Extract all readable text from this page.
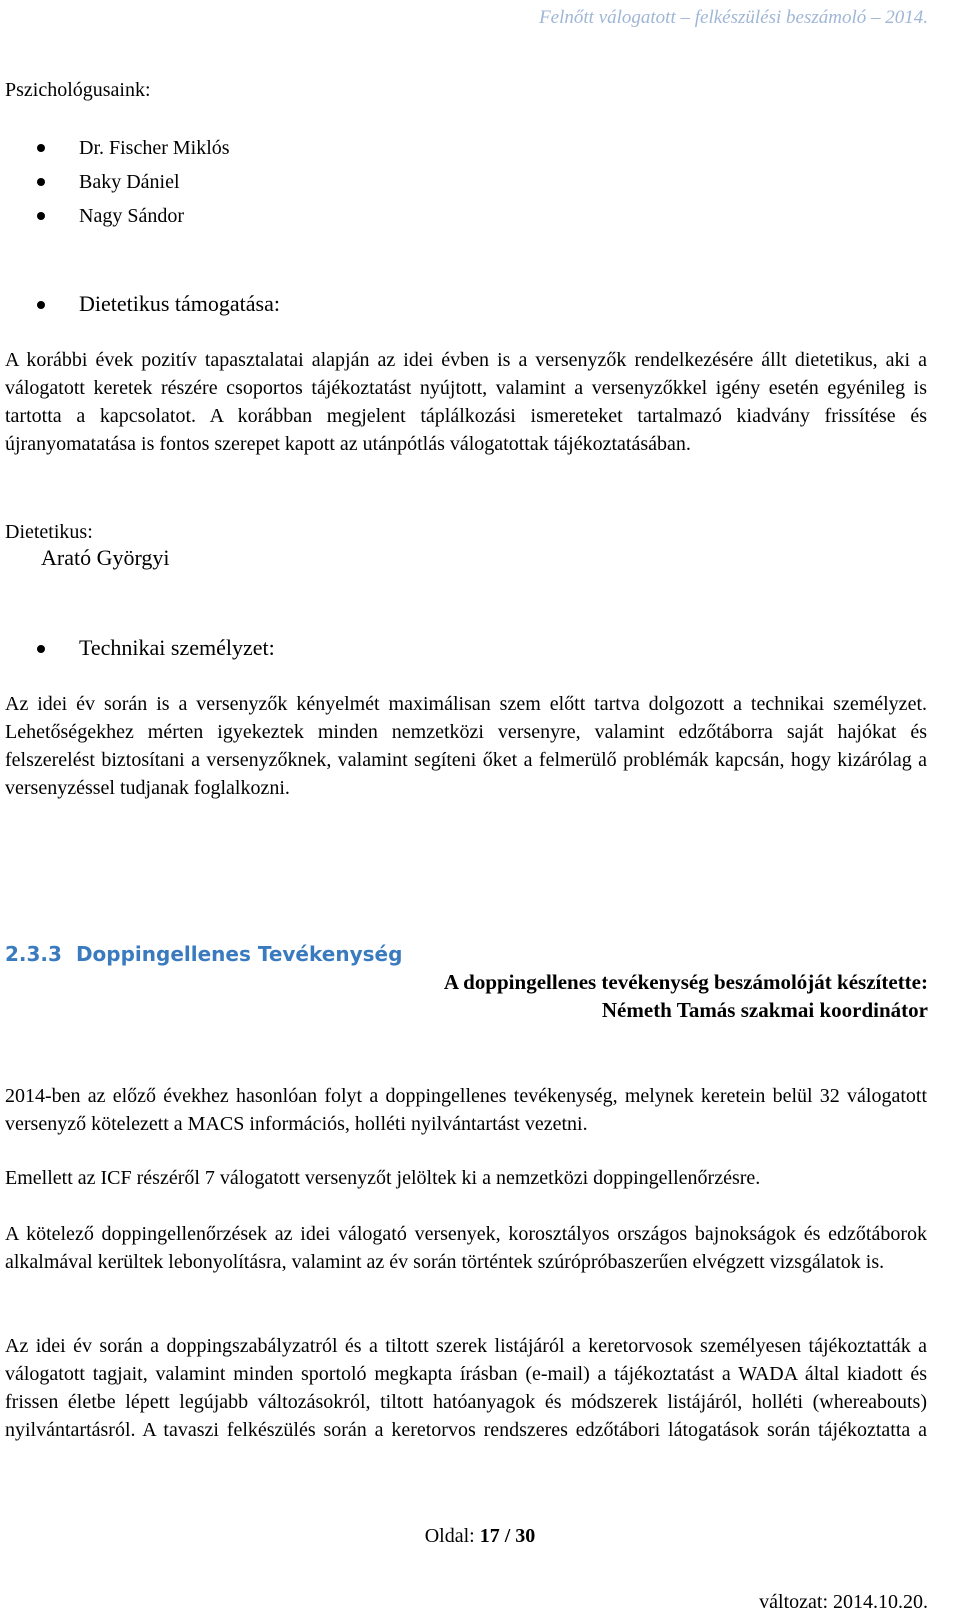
Felnőtt válogatott – felkészülési beszámoló – 2014.
Pszichológusaink:
Dr. Fischer Miklós
Baky Dániel
Nagy Sándor
Dietetikus támogatása:
A korábbi évek pozitív tapasztalatai alapján az idei évben is a versenyzők rendelkezésére állt dietetikus, aki a válogatott keretek részére csoportos tájékoztatást nyújtott, valamint a versenyzőkkel igény esetén egyénileg is tartotta a kapcsolatot. A korábban megjelent táplálkozási ismereteket tartalmazó kiadvány frissítése és újranyomatatása is fontos szerepet kapott az utánpótlás válogatottak tájékoztatásában.
Dietetikus:
Arató Györgyi
Technikai személyzet:
Az idei év során is a versenyzők kényelmét maximálisan szem előtt tartva dolgozott a technikai személyzet. Lehetőségekhez mérten igyekeztek minden nemzetközi versenyre, valamint edzőtáborra saját hajókat és felszerelést biztosítani a versenyzőknek, valamint segíteni őket a felmerülő problémák kapcsán, hogy kizárólag a versenyzéssel tudjanak foglalkozni.
2.3.3 Doppingellenes Tevékenység
A doppingellenes tevékenység beszámolóját készítette:
Németh Tamás szakmai koordinátor
2014-ben az előző évekhez hasonlóan folyt a doppingellenes tevékenység, melynek keretein belül 32 válogatott versenyző kötelezett a MACS információs, holléti nyilvántartást vezetni.
Emellett az ICF részéről 7 válogatott versenyzőt jelöltek ki a nemzetközi doppingellenőrzésre.
A kötelező doppingellenőrzések az idei válogató versenyek, korosztályos országos bajnokságok és edzőtáborok alkalmával kerültek lebonyolításra, valamint az év során történtek szúrópróbaszerűen elvégzett vizsgálatok is.
Az idei év során a doppingszabályzatról és a tiltott szerek listájáról a keretorvosok személyesen tájékoztatták a válogatott tagjait, valamint minden sportoló megkapta írásban (e-mail) a tájékoztatást a WADA által kiadott és frissen életbe lépett legújabb változásokról, tiltott hatóanyagok és módszerek listájáról, holléti (whereabouts) nyilvántartásról. A tavaszi felkészülés során a keretorvos rendszeres edzőtábori látogatások során tájékoztatta a
Oldal: 17 / 30
változat: 2014.10.20.
